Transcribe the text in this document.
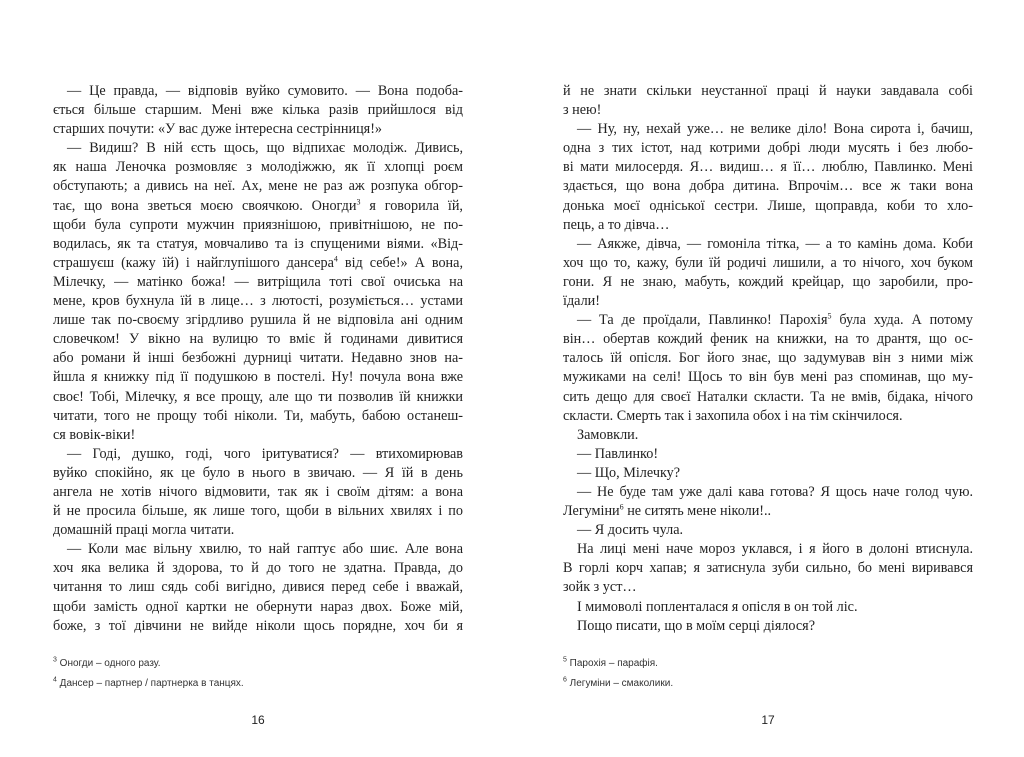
— Це правда, — відповів вуйко сумовито. — Вона подоба-
ється більше старшим. Мені вже кілька разів прийшлося від
старших почути: «У вас дуже інтересна сестрінниця!»
— Видиш? В ній єсть щось, що відпихає молодіж. Дивись,
як наша Леночка розмовляє з молодіжжю, як її хлопці роєм
обступають; а дивись на неї. Ах, мене не раз аж розпука обгор-
тає, що вона зветься моєю своячкою. Оногди$^3$ я говорила їй,
щоби була супроти мужчин приязнішою, привітнішою, не по-
водилась, як та статуя, мовчаливо та із спущеними віями. «Від-
страшуєш (кажу їй) і найглупішого дансера$^4$ від себе!» А вона,
Мілечку, — матінко божа! — витріщила тоті свої очиська на
мене, кров бухнула їй в лице… з лютості, розуміється… устами
лише так по-своєму згірдливо рушила й не відповіла ані одним
словечком! У вікно на вулицю то вміє й годинами дивитися
або романи й інші безбожні дурниці читати. Недавно знов на-
йшла я книжку під її подушкою в постелі. Ну! почула вона вже
своє! Тобі, Мілечку, я все прощу, але що ти позволив їй книжки
читати, того не прощу тобі ніколи. Ти, мабуть, бабою останеш-
ся вовік-віки!
— Годі, душко, годі, чого іритуватися? — втихомирював
вуйко спокійно, як це було в нього в звичаю. — Я їй в день
ангела не хотів нічого відмовити, так як і своїм дітям: а вона
й не просила більше, як лише того, щоби в вільних хвилях і по
домашній праці могла читати.
— Коли має вільну хвилю, то най гаптує або шиє. Але вона
хоч яка велика й здорова, то й до того не здатна. Правда, до
читання то лиш сядь собі вигідно, дивися перед себе і вважай,
щоби замість одної картки не обернути нараз двох. Боже мій,
боже, з тої дівчини не вийде ніколи щось порядне, хоч би я
$^3$ Оногди – одного разу.
$^4$ Дансер – партнер / партнерка в танцях.
16
й не знати скільки неустанної праці й науки завдавала собі
з нею!
— Ну, ну, нехай уже… не велике діло! Вона сирота і, бачиш,
одна з тих істот, над котрими добрі люди мусять і без любо-
ві мати милосердя. Я… видиш… я її… люблю, Павлинко. Мені
здається, що вона добра дитина. Впрочім… все ж таки вона
донька моєї одніської сестри. Лише, щоправда, коби то хло-
пець, а то дівча…
— Аякже, дівча, — гомоніла тітка, — а то камінь дома. Коби
хоч що то, кажу, були їй родичі лишили, а то нічого, хоч буком
гони. Я не знаю, мабуть, кождий крейцар, що заробили, про-
їдали!
— Та де проїдали, Павлинко! Парохія$^5$ була худа. А потому
він… обертав кождий феник на книжки, на то дрантя, що ос-
талось їй опісля. Бог його знає, що задумував він з ними між
мужиками на селі! Щось то він був мені раз споминав, що му-
сить дещо для своєї Наталки скласти. Та не вмів, бідака, нічого
скласти. Смерть так і захопила обох і на тім скінчилося.
Замовкли.
— Павлинко!
— Що, Мілечку?
— Не буде там уже далі кава готова? Я щось наче голод чую.
Легуміни$^6$ не ситять мене ніколи!..
— Я досить чула.
На лиці мені наче мороз уклався, і я його в долоні втиснула.
В горлі корч хапав; я затиснула зуби сильно, бо мені виривався
зойк з уст…
І мимоволі попленталася я опісля в он той ліс.
Пощо писати, що в моїм серці діялося?
$^5$ Парохія – парафія.
$^6$ Легуміни – смаколики.
17
